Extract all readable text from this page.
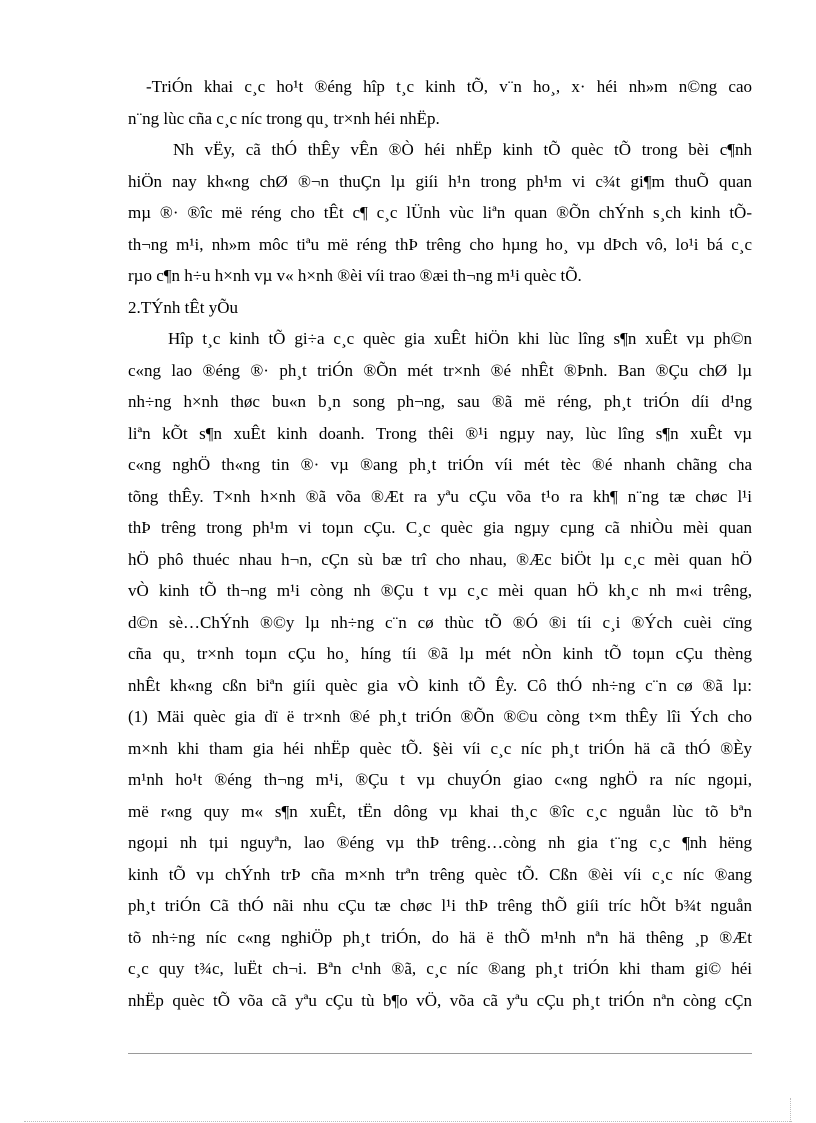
-TriÓn khai c¸c ho¹t ®éng hîp t¸c kinh tÕ, v¨n ho¸, x· héi nh»m n©ng cao
n¨ng lùc cña c¸c níc trong qu¸ tr×nh héi nhËp.
Nh vËy, cã thÓ thÊy vÊn ®Ò héi nhËp kinh tÕ quèc tÕ trong bèi c¶nh
hiÖn nay kh«ng chØ ®¬n thuÇn lµ giíi h¹n trong ph¹m vi c¾t gi¶m thuÕ quan
mµ ®· ®îc më réng cho tÊt c¶ c¸c lÜnh vùc liªn quan ®Õn chÝnh s¸ch kinh tÕ-
th¬ng m¹i, nh»m môc tiªu më réng thÞ trêng cho hµng ho¸ vµ dÞch vô, lo¹i bá c¸c
rµo c¶n h÷u h×nh vµ v« h×nh ®èi víi trao ®æi th¬ng m¹i quèc tÕ.
2.TÝnh tÊt yÕu
Hîp t¸c kinh tÕ gi÷a c¸c quèc gia xuÊt hiÖn khi lùc lîng s¶n xuÊt vµ ph©n
c«ng lao ®éng ®· ph¸t triÓn ®Õn mét tr×nh ®é nhÊt ®Þnh. Ban ®Çu chØ lµ
nh÷ng h×nh thøc bu«n b¸n song ph¬ng, sau ®ã më réng, ph¸t triÓn díi d¹ng
liªn kÕt s¶n xuÊt kinh doanh. Trong thêi ®¹i ngµy nay, lùc lîng s¶n xuÊt vµ
c«ng nghÖ th«ng tin ®· vµ ®ang ph¸t triÓn víi mét tèc ®é nhanh chãng cha
tõng thÊy. T×nh h×nh ®ã võa ®Æt ra yªu cÇu võa t¹o ra kh¶ n¨ng tæ chøc l¹i
thÞ trêng trong ph¹m vi toµn cÇu. C¸c quèc gia ngµy cµng cã nhiÒu mèi quan
hÖ phô thuéc nhau h¬n, cÇn sù bæ trî cho nhau, ®Æc biÖt lµ c¸c mèi quan hÖ
vÒ kinh tÕ th¬ng m¹i còng nh ®Çu t vµ c¸c mèi quan hÖ kh¸c nh m«i trêng,
d©n sè…ChÝnh ®©y lµ nh÷ng c¨n cø thùc tÕ ®Ó ®i tíi c¸i ®Ých cuèi cïng
cña qu¸ tr×nh toµn cÇu ho¸ híng tíi ®ã lµ mét nÒn kinh tÕ toµn cÇu thèng
nhÊt kh«ng cßn biªn giíi quèc gia vÒ kinh tÕ Êy. Cô thÓ nh÷ng c¨n cø ®ã lµ:
(1) Mäi quèc gia dï ë tr×nh ®é ph¸t triÓn ®Õn ®©u còng t×m thÊy lîi Ých cho
m×nh khi tham gia héi nhËp quèc tÕ. §èi víi c¸c níc ph¸t triÓn hä cã thÓ ®Èy
m¹nh ho¹t ®éng th¬ng m¹i, ®Çu t vµ chuyÓn giao c«ng nghÖ ra níc ngoµi,
më r«ng quy m« s¶n xuÊt, tËn dông vµ khai th¸c ®îc c¸c nguån lùc tõ bªn
ngoµi nh tµi nguyªn, lao ®éng vµ thÞ trêng…còng nh gia t¨ng c¸c ¶nh hëng
kinh tÕ vµ chÝnh trÞ cña m×nh trªn trêng quèc tÕ. Cßn ®èi víi c¸c níc ®ang
ph¸t triÓn Cã thÓ nãi nhu cÇu tæ chøc l¹i thÞ trêng thÕ giíi tríc hÕt b¾t nguån
tõ nh÷ng níc c«ng nghiÖp ph¸t triÓn, do hä ë thÕ m¹nh nªn hä thêng ¸p ®Æt
c¸c quy t¾c, luËt ch¬i. Bªn c¹nh ®ã, c¸c níc ®ang ph¸t triÓn khi tham gi© héi
nhËp quèc tÕ võa cã yªu cÇu tù b¶o vÖ, võa cã yªu cÇu ph¸t triÓn nªn còng cÇn
